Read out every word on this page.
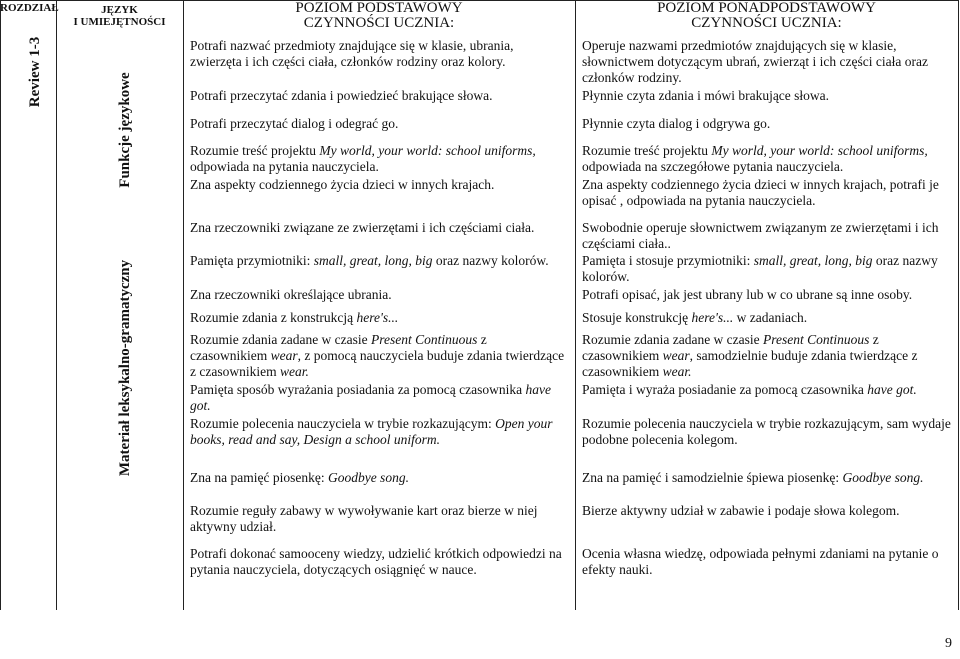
ROZDZIAŁ	JĘZYK
I UMIEJĘTNOŚCI
POZIOM PODSTAWOWY
CZYNNOŚCI UCZNIA:
POZIOM PONADPODSTAWOWY
CZYNNOŚCI UCZNIA:
Review 1-3
Funkcje językowe
Materiał leksykalno-gramatyczny
Potrafi nazwać przedmioty znajdujące się w klasie, ubrania, zwierzęta i ich części ciała, członków rodziny oraz kolory.
Potrafi przeczytać zdania i powiedzieć brakujące słowa.
Potrafi przeczytać dialog i odegrać go.
Rozumie treść projektu My world, your world: school uniforms, odpowiada na pytania nauczyciela.
Zna aspekty codziennego życia dzieci w innych krajach.
Zna rzeczowniki związane ze zwierzętami i ich częściami ciała.
Pamięta przymiotniki: small, great, long, big oraz nazwy kolorów.
Zna rzeczowniki określające ubrania.
Rozumie zdania z konstrukcją here's...
Rozumie zdania zadane w czasie Present Continuous z czasownikiem wear, z pomocą nauczyciela buduje zdania twierdzące z czasownikiem wear.
Pamięta sposób wyrażania posiadania za pomocą czasownika have got.
Rozumie polecenia nauczyciela w trybie rozkazującym: Open your books, read and say, Design a school uniform.
Zna na pamięć piosenkę: Goodbye song.
Rozumie reguły zabawy w wywoływanie kart oraz bierze w niej aktywny udział.
Potrafi dokonać samooceny wiedzy, udzielić krótkich odpowiedzi na pytania nauczyciela, dotyczących osiągnięć w nauce.
Operuje nazwami przedmiotów znajdujących się w klasie, słownictwem dotyczącym ubrań, zwierząt i ich części ciała oraz członków rodziny.
Płynnie czyta zdania i mówi brakujące słowa.
Płynnie czyta dialog i odgrywa go.
Rozumie treść projektu My world, your world: school uniforms, odpowiada na szczegółowe pytania nauczyciela.
Zna aspekty codziennego życia dzieci w innych krajach, potrafi je opisać , odpowiada na pytania nauczyciela.
Swobodnie operuje słownictwem związanym ze zwierzętami i ich częściami ciała..
Pamięta i stosuje przymiotniki: small, great, long, big oraz nazwy kolorów.
Potrafi opisać, jak jest ubrany lub w co ubrane są inne osoby.
Stosuje konstrukcję here's... w zadaniach.
Rozumie zdania zadane w czasie Present Continuous z czasownikiem wear, samodzielnie buduje zdania twierdzące z czasownikiem wear.
Pamięta i wyraża posiadanie za pomocą czasownika have got.
Rozumie polecenia nauczyciela w trybie rozkazującym, sam wydaje podobne polecenia kolegom.
Zna na pamięć i samodzielnie śpiewa piosenkę: Goodbye song.
Bierze aktywny udział w zabawie i podaje słowa kolegom.
Ocenia własna wiedzę, odpowiada pełnymi zdaniami na pytanie o efekty nauki.
9
